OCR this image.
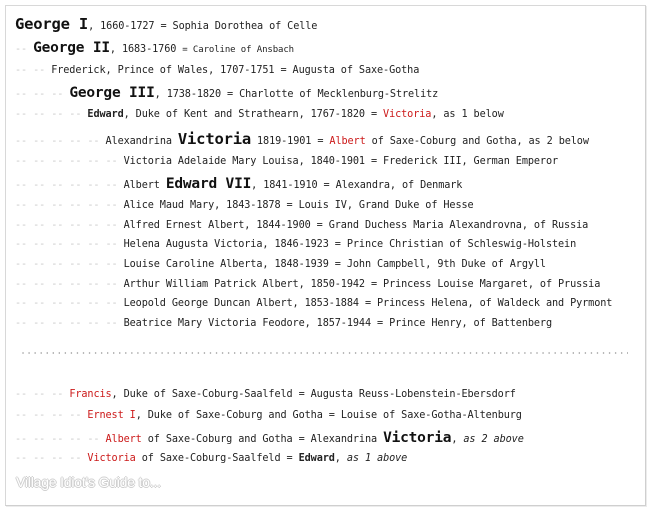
George I, 1660-1727 = Sophia Dorothea of Celle
-- George II, 1683-1760 = Caroline of Ansbach
-- -- Frederick, Prince of Wales, 1707-1751 = Augusta of Saxe-Gotha
-- -- -- George III, 1738-1820 = Charlotte of Mecklenburg-Strelitz
-- -- -- -- Edward, Duke of Kent and Strathearn, 1767-1820 = Victoria, as 1 below
-- -- -- -- -- Alexandrina Victoria 1819-1901 = Albert of Saxe-Coburg and Gotha, as 2 below
-- -- -- -- -- -- Victoria Adelaide Mary Louisa, 1840-1901 = Frederick III, German Emperor
-- -- -- -- -- -- Albert Edward VII, 1841-1910 = Alexandra, of Denmark
-- -- -- -- -- -- Alice Maud Mary, 1843-1878 = Louis IV, Grand Duke of Hesse
-- -- -- -- -- -- Alfred Ernest Albert, 1844-1900 = Grand Duchess Maria Alexandrovna, of Russia
-- -- -- -- -- -- Helena Augusta Victoria, 1846-1923 = Prince Christian of Schleswig-Holstein
-- -- -- -- -- -- Louise Caroline Alberta, 1848-1939 = John Campbell, 9th Duke of Argyll
-- -- -- -- -- -- Arthur William Patrick Albert, 1850-1942 = Princess Louise Margaret, of Prussia
-- -- -- -- -- -- Leopold George Duncan Albert, 1853-1884 = Princess Helena, of Waldeck and Pyrmont
-- -- -- -- -- -- Beatrice Mary Victoria Feodore, 1857-1944 = Prince Henry, of Battenberg
-- -- -- Francis, Duke of Saxe-Coburg-Saalfeld = Augusta Reuss-Lobenstein-Ebersdorf
-- -- -- -- Ernest I, Duke of Saxe-Coburg and Gotha = Louise of Saxe-Gotha-Altenburg
-- -- -- -- -- Albert of Saxe-Coburg and Gotha = Alexandrina Victoria, as 2 above
-- -- -- -- Victoria of Saxe-Coburg-Saalfeld = Edward, as 1 above
Village Idiot's Guide to...
